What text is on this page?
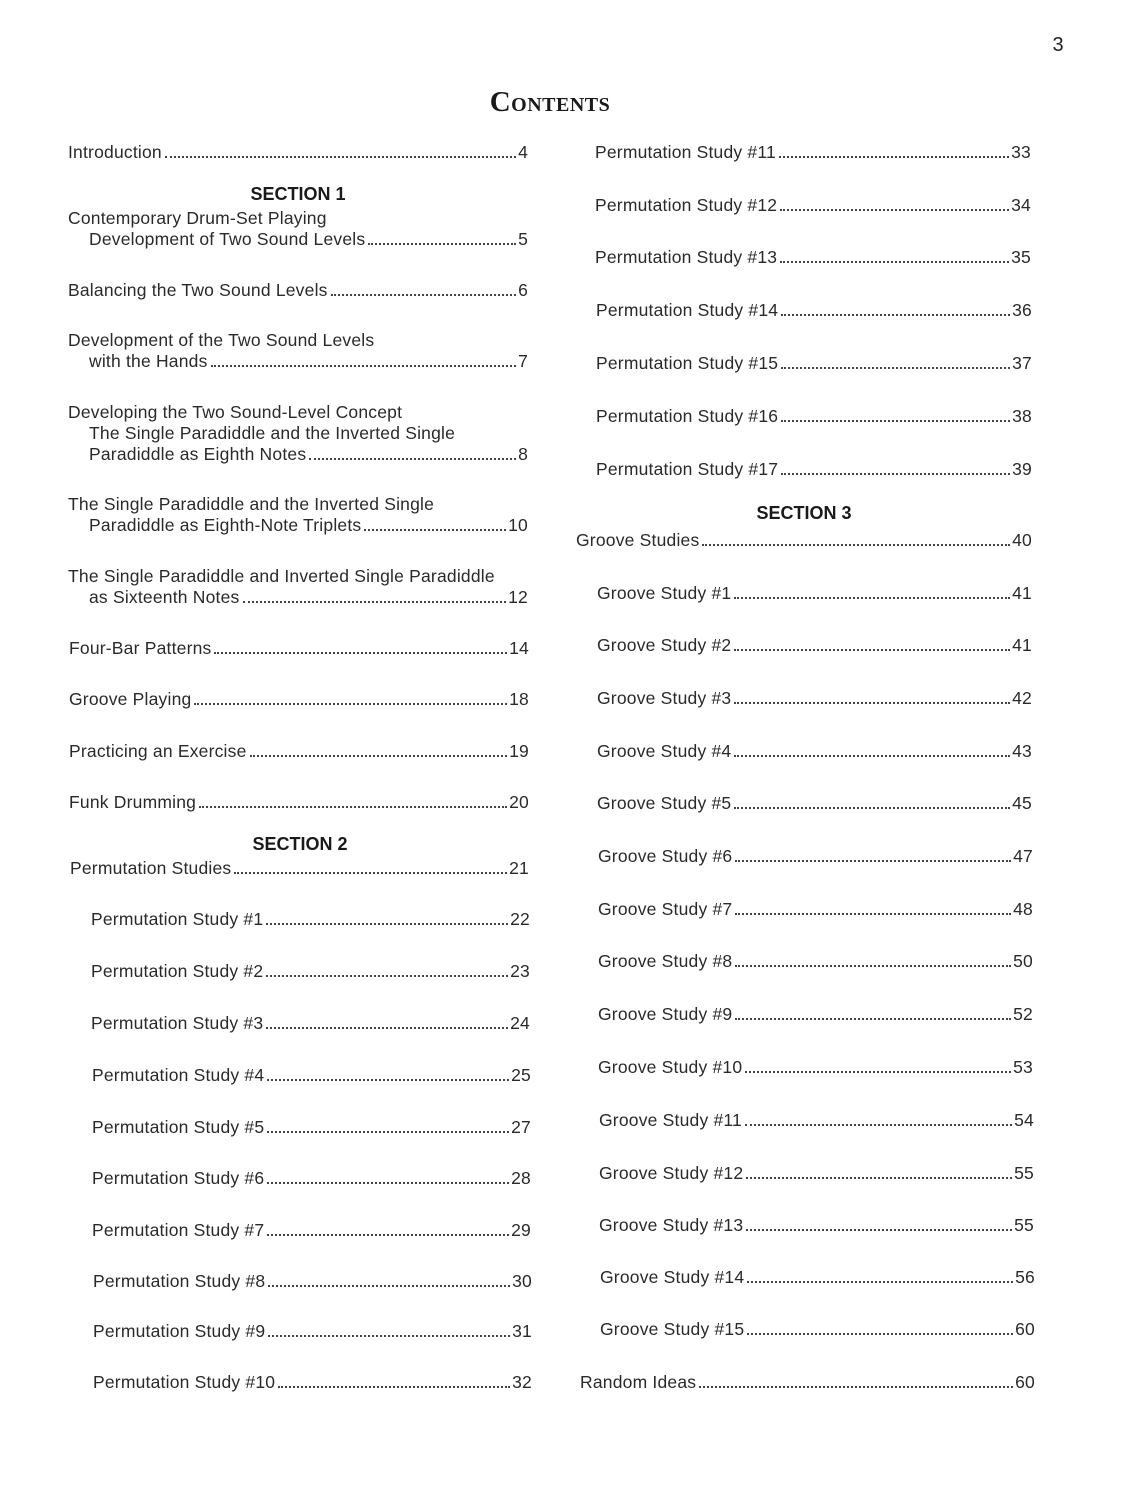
3
Contents
Introduction	4
SECTION 1
Contemporary Drum-Set Playing
Development of Two Sound Levels	5
Balancing the Two Sound Levels	6
Development of the Two Sound Levels
with the Hands	7
Developing the Two Sound-Level Concept
The Single Paradiddle and the Inverted Single
Paradiddle as Eighth Notes	8
The Single Paradiddle and the Inverted Single
Paradiddle as Eighth-Note Triplets	10
The Single Paradiddle and Inverted Single Paradiddle
as Sixteenth Notes	12
Four-Bar Patterns	14
Groove Playing	18
Practicing an Exercise	19
Funk Drumming	20
SECTION 2
Permutation Studies	21
Permutation Study #1	22
Permutation Study #2	23
Permutation Study #3	24
Permutation Study #4	25
Permutation Study #5	27
Permutation Study #6	28
Permutation Study #7	29
Permutation Study #8	30
Permutation Study #9	31
Permutation Study #10	32
Permutation Study #11	33
Permutation Study #12	34
Permutation Study #13	35
Permutation Study #14	36
Permutation Study #15	37
Permutation Study #16	38
Permutation Study #17	39
SECTION 3
Groove Studies	40
Groove Study #1	41
Groove Study #2	41
Groove Study #3	42
Groove Study #4	43
Groove Study #5	45
Groove Study #6	47
Groove Study #7	48
Groove Study #8	50
Groove Study #9	52
Groove Study #10	53
Groove Study #11	54
Groove Study #12	55
Groove Study #13	55
Groove Study #14	56
Groove Study #15	60
Random Ideas	60
